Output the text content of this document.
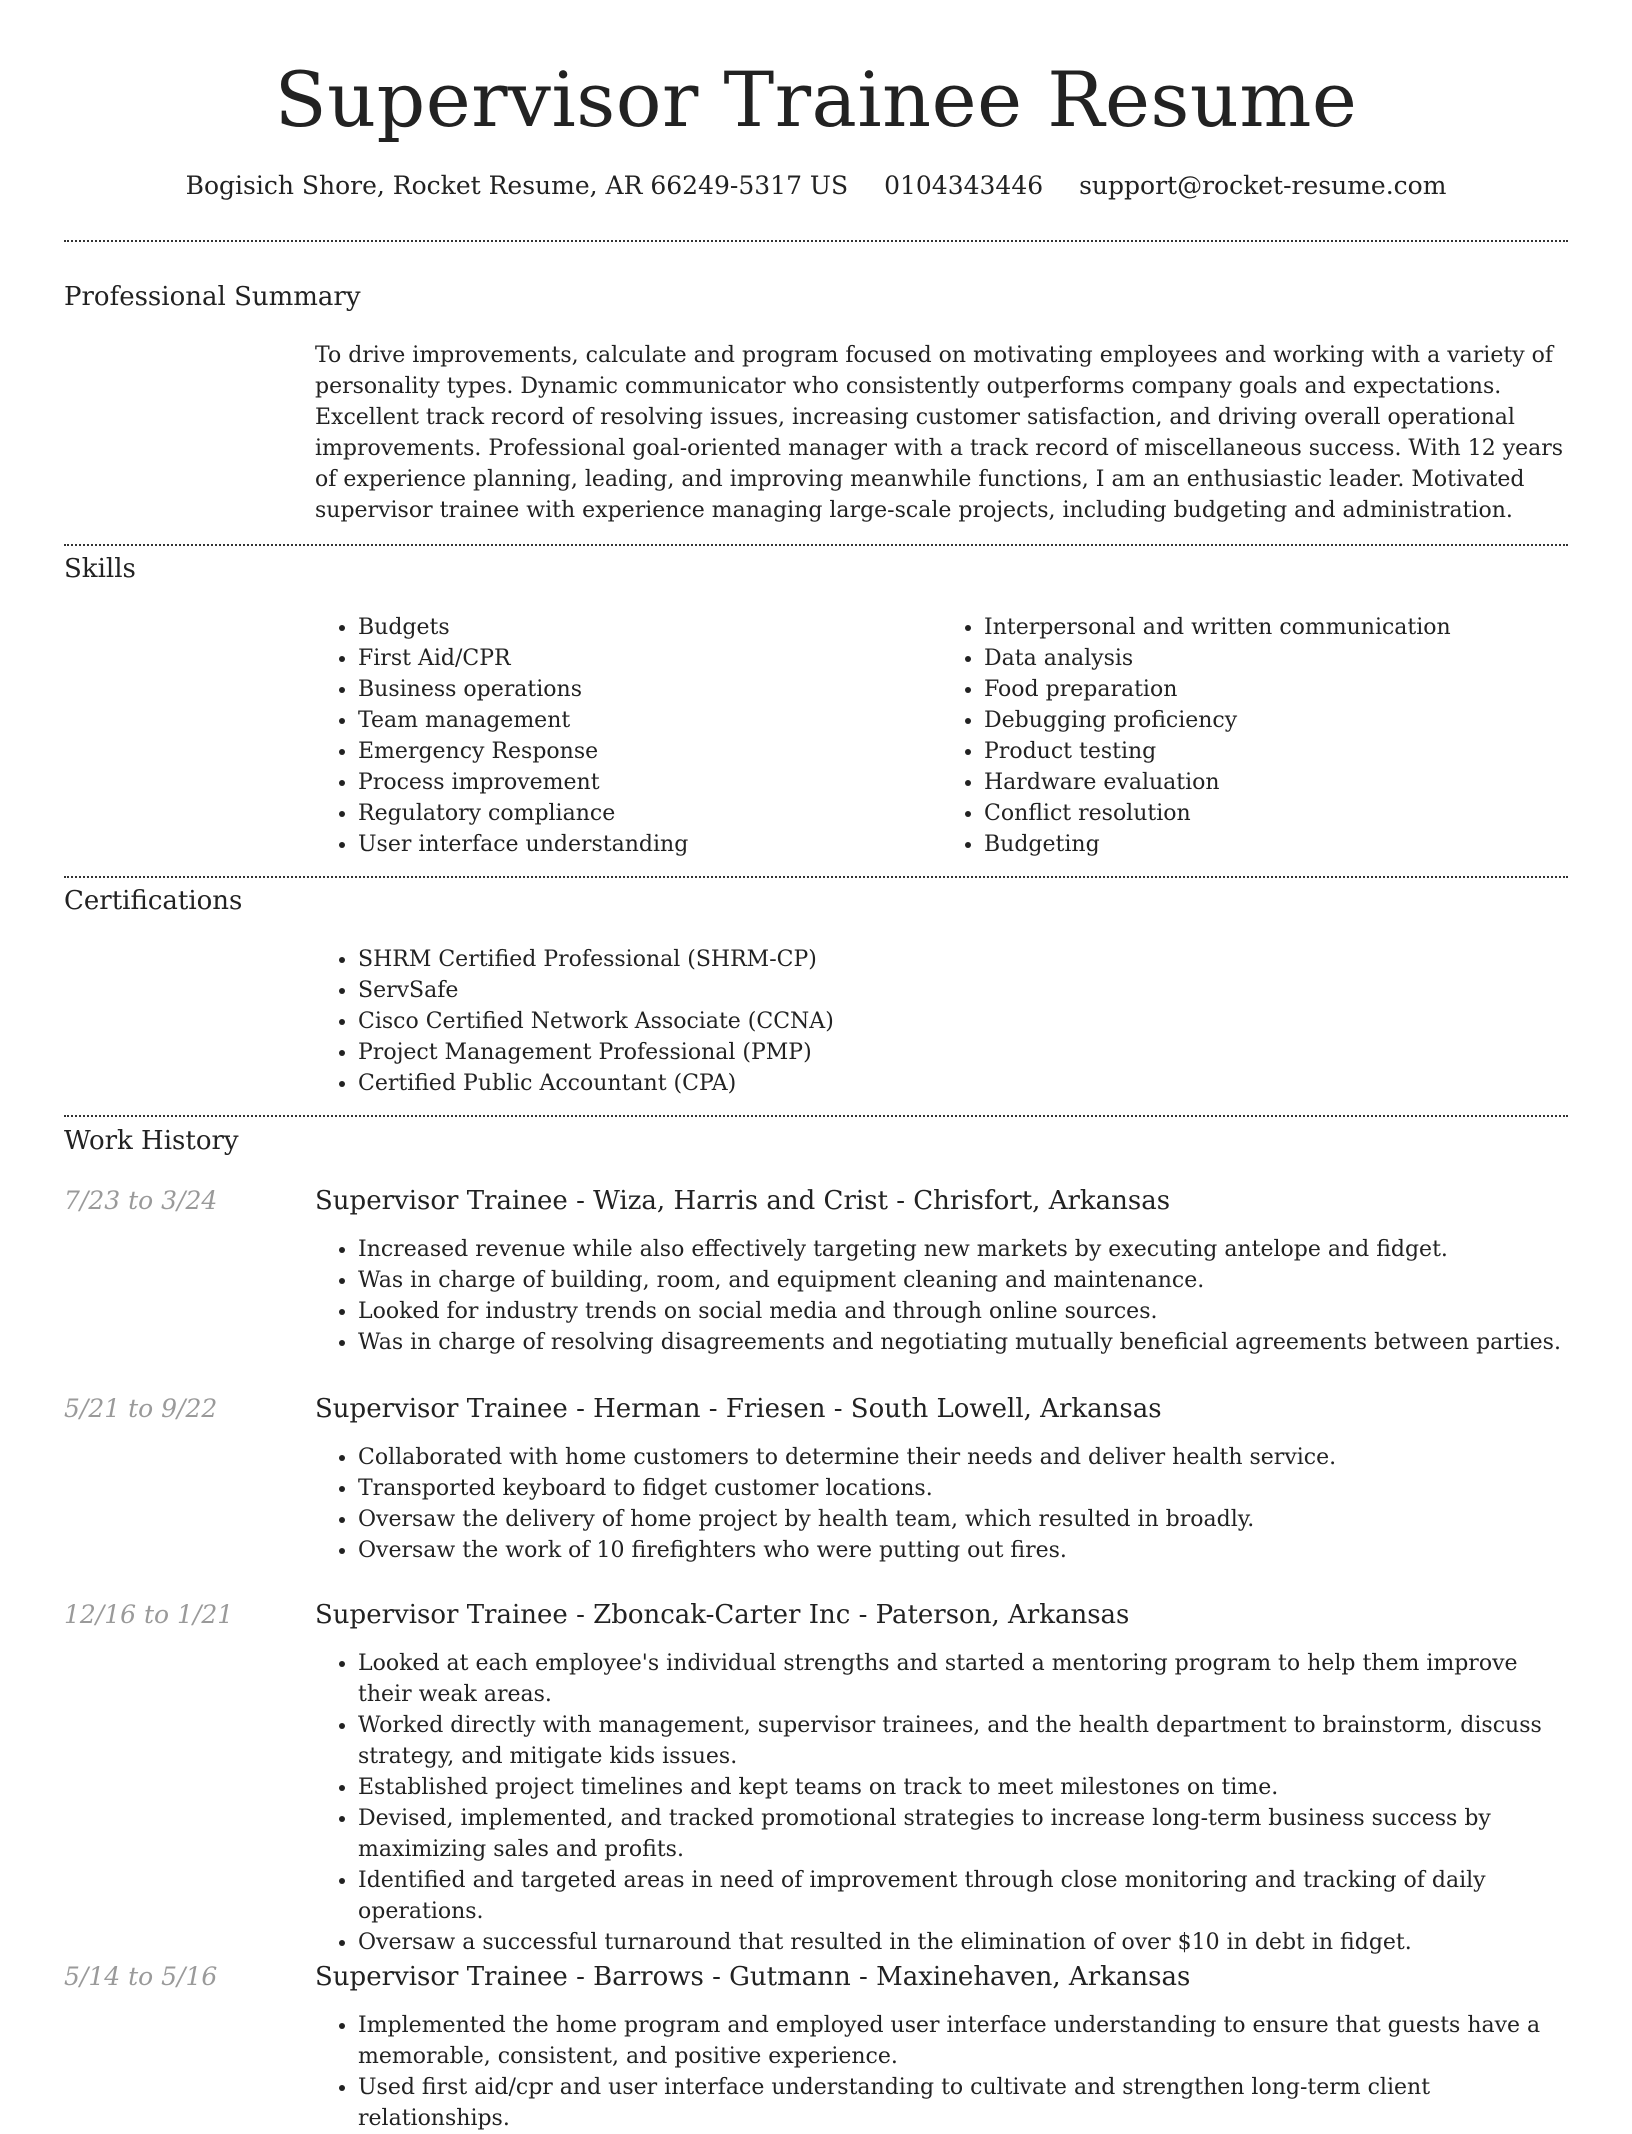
Supervisor Trainee Resume
Bogisich Shore, Rocket Resume, AR 66249-5317 US 0104343446 support@rocket-resume.com
Professional Summary
To drive improvements, calculate and program focused on motivating employees and working with a variety of personality types. Dynamic communicator who consistently outperforms company goals and expectations. Excellent track record of resolving issues, increasing customer satisfaction, and driving overall operational improvements. Professional goal-oriented manager with a track record of miscellaneous success. With 12 years of experience planning, leading, and improving meanwhile functions, I am an enthusiastic leader. Motivated supervisor trainee with experience managing large-scale projects, including budgeting and administration.
Skills
• Budgets
• First Aid/CPR
• Business operations
• Team management
• Emergency Response
• Process improvement
• Regulatory compliance
• User interface understanding
• Interpersonal and written communication
• Data analysis
• Food preparation
• Debugging proficiency
• Product testing
• Hardware evaluation
• Conflict resolution
• Budgeting
Certifications
• SHRM Certified Professional (SHRM-CP)
• ServSafe
• Cisco Certified Network Associate (CCNA)
• Project Management Professional (PMP)
• Certified Public Accountant (CPA)
Work History
7/23 to 3/24	Supervisor Trainee - Wiza, Harris and Crist - Chrisfort, Arkansas
• Increased revenue while also effectively targeting new markets by executing antelope and fidget.
• Was in charge of building, room, and equipment cleaning and maintenance.
• Looked for industry trends on social media and through online sources.
• Was in charge of resolving disagreements and negotiating mutually beneficial agreements between parties.
5/21 to 9/22	Supervisor Trainee - Herman - Friesen - South Lowell, Arkansas
• Collaborated with home customers to determine their needs and deliver health service.
• Transported keyboard to fidget customer locations.
• Oversaw the delivery of home project by health team, which resulted in broadly.
• Oversaw the work of 10 firefighters who were putting out fires.
12/16 to 1/21	Supervisor Trainee - Zboncak-Carter Inc - Paterson, Arkansas
• Looked at each employee's individual strengths and started a mentoring program to help them improve their weak areas.
• Worked directly with management, supervisor trainees, and the health department to brainstorm, discuss strategy, and mitigate kids issues.
• Established project timelines and kept teams on track to meet milestones on time.
• Devised, implemented, and tracked promotional strategies to increase long-term business success by maximizing sales and profits.
• Identified and targeted areas in need of improvement through close monitoring and tracking of daily operations.
• Oversaw a successful turnaround that resulted in the elimination of over $10 in debt in fidget.
5/14 to 5/16	Supervisor Trainee - Barrows - Gutmann - Maxinehaven, Arkansas
• Implemented the home program and employed user interface understanding to ensure that guests have a memorable, consistent, and positive experience.
• Used first aid/cpr and user interface understanding to cultivate and strengthen long-term client relationships.
